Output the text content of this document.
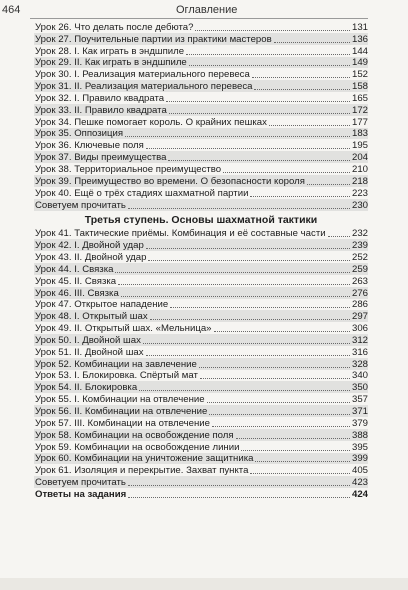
464	Оглавление
Урок 26. Что делать после дебюта?	131
Урок 27. Поучительные партии из практики мастеров	136
Урок 28. I. Как играть в эндшпиле	144
Урок 29. II. Как играть в эндшпиле	149
Урок 30. I. Реализация материального перевеса	152
Урок 31. II. Реализация материального перевеса	158
Урок 32. I. Правило квадрата	165
Урок 33. II. Правило квадрата	172
Урок 34. Пешке помогает король. О крайних пешках	177
Урок 35. Оппозиция	183
Урок 36. Ключевые поля	195
Урок 37. Виды преимущества	204
Урок 38. Территориальное преимущество	210
Урок 39. Преимущество во времени. О безопасности короля	218
Урок 40. Ещё о трёх стадиях шахматной партии	223
Советуем прочитать	230
Третья ступень. Основы шахматной тактики
Урок 41. Тактические приёмы. Комбинация и её составные части	232
Урок 42. I. Двойной удар	239
Урок 43. II. Двойной удар	252
Урок 44. I. Связка	259
Урок 45. II. Связка	263
Урок 46. III. Связка	276
Урок 47. Открытое нападение	286
Урок 48. I. Открытый шах	297
Урок 49. II. Открытый шах. «Мельница»	306
Урок 50. I. Двойной шах	312
Урок 51. II. Двойной шах	316
Урок 52. Комбинации на завлечение	328
Урок 53. I. Блокировка. Спёртый мат	340
Урок 54. II. Блокировка	350
Урок 55. I. Комбинации на отвлечение	357
Урок 56. II. Комбинации на отвлечение	371
Урок 57. III. Комбинации на отвлечение	379
Урок 58. Комбинации на освобождение поля	388
Урок 59. Комбинации на освобождение линии	395
Урок 60. Комбинации на уничтожение защитника	399
Урок 61. Изоляция и перекрытие. Захват пункта	405
Советуем прочитать	423
Ответы на задания	424
